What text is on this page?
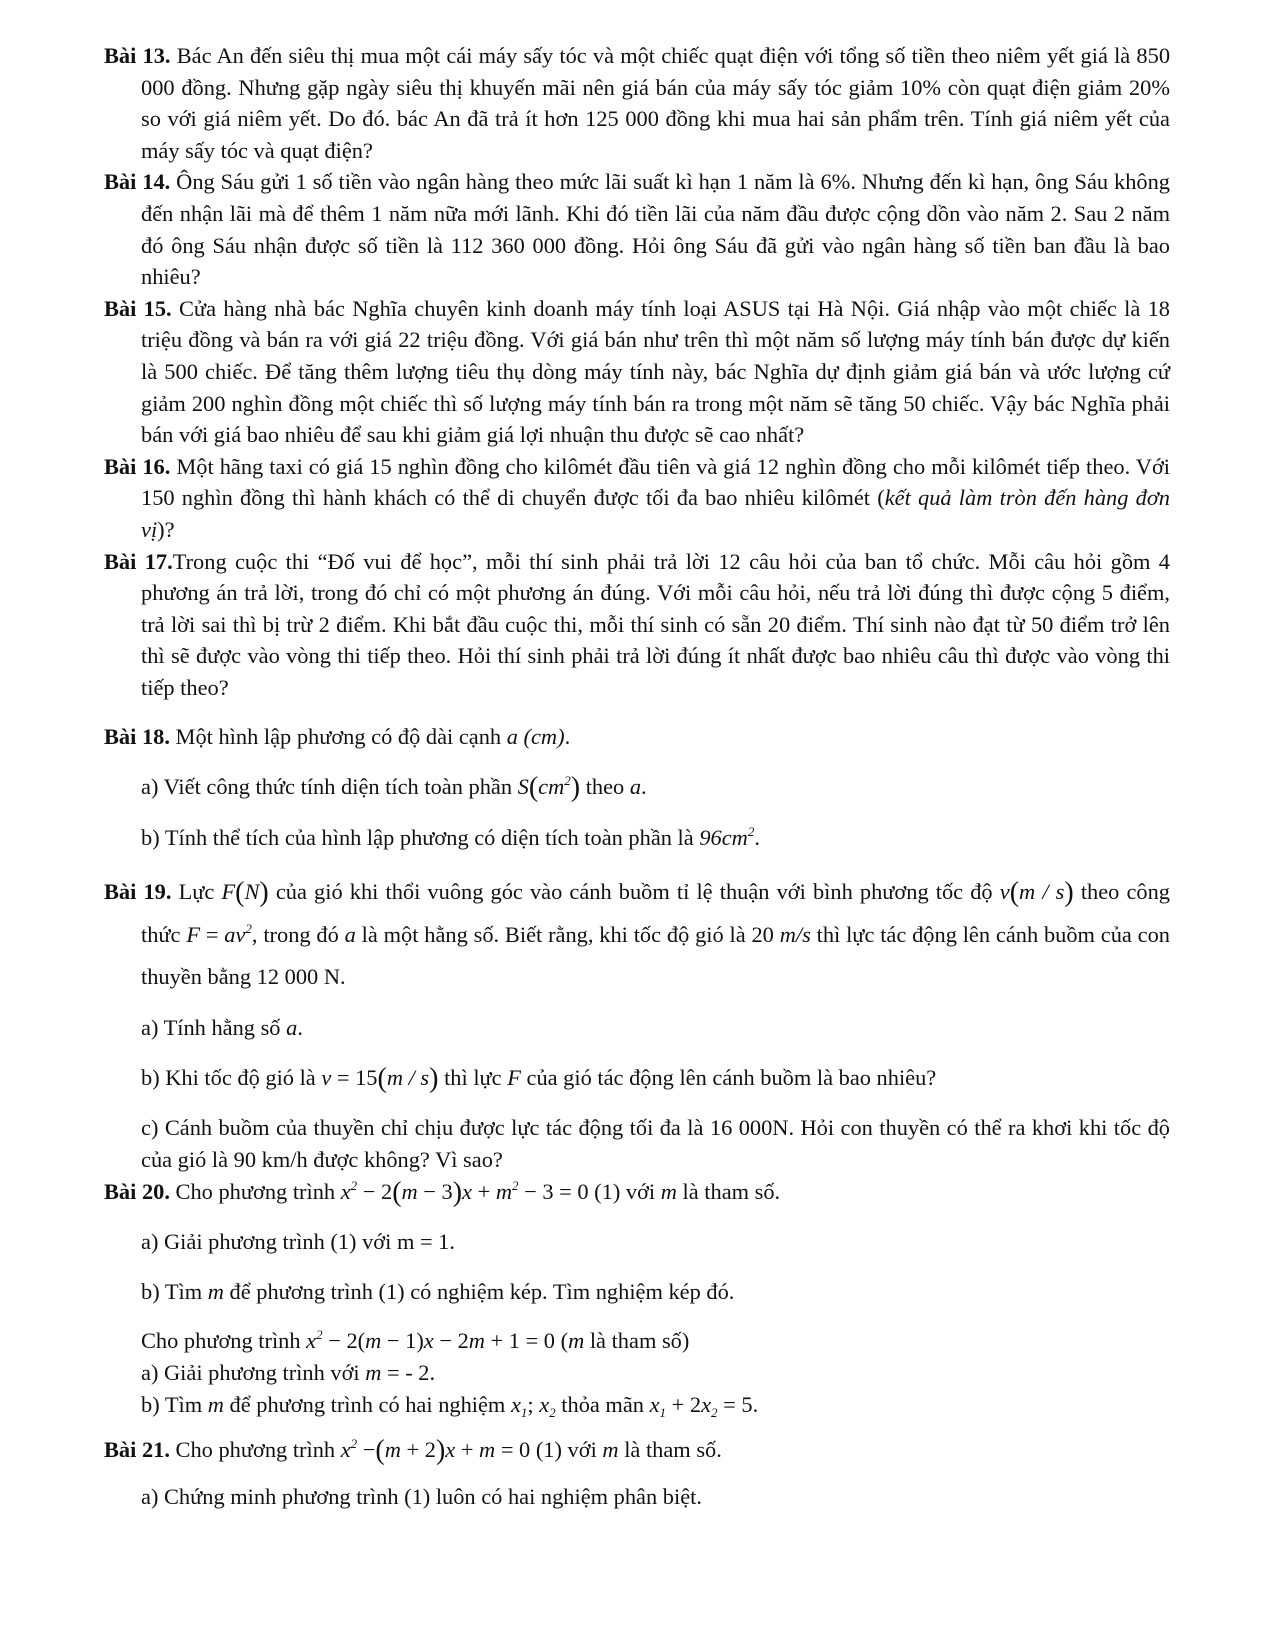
Bài 13. Bác An đến siêu thị mua một cái máy sấy tóc và một chiếc quạt điện với tổng số tiền theo niêm yết giá là 850 000 đồng. Nhưng gặp ngày siêu thị khuyến mãi nên giá bán của máy sấy tóc giảm 10% còn quạt điện giảm 20% so với giá niêm yết. Do đó. bác An đã trả ít hơn 125 000 đồng khi mua hai sản phẩm trên. Tính giá niêm yết của máy sấy tóc và quạt điện?

Bài 14. Ông Sáu gửi 1 số tiền vào ngân hàng theo mức lãi suất kì hạn 1 năm là 6%. Nhưng đến kì hạn, ông Sáu không đến nhận lãi mà để thêm 1 năm nữa mới lãnh. Khi đó tiền lãi của năm đầu được cộng dồn vào năm 2. Sau 2 năm đó ông Sáu nhận được số tiền là 112 360 000 đồng. Hỏi ông Sáu đã gửi vào ngân hàng số tiền ban đầu là bao nhiêu?

Bài 15. Cửa hàng nhà bác Nghĩa chuyên kinh doanh máy tính loại ASUS tại Hà Nội. Giá nhập vào một chiếc là 18 triệu đồng và bán ra với giá 22 triệu đồng. Với giá bán như trên thì một năm số lượng máy tính bán được dự kiến là 500 chiếc. Để tăng thêm lượng tiêu thụ dòng máy tính này, bác Nghĩa dự định giảm giá bán và ước lượng cứ giảm 200 nghìn đồng một chiếc thì số lượng máy tính bán ra trong một năm sẽ tăng 50 chiếc. Vậy bác Nghĩa phải bán với giá bao nhiêu để sau khi giảm giá lợi nhuận thu được sẽ cao nhất?

Bài 16. Một hãng taxi có giá 15 nghìn đồng cho kilômét đầu tiên và giá 12 nghìn đồng cho mỗi kilômét tiếp theo. Với 150 nghìn đồng thì hành khách có thể di chuyển được tối đa bao nhiêu kilômét (kết quả làm tròn đến hàng đơn vị)?

Bài 17.Trong cuộc thi “Đố vui để học”, mỗi thí sinh phải trả lời 12 câu hỏi của ban tổ chức. Mỗi câu hỏi gồm 4 phương án trả lời, trong đó chỉ có một phương án đúng. Với mỗi câu hỏi, nếu trả lời đúng thì được cộng 5 điểm, trả lời sai thì bị trừ 2 điểm. Khi bắt đầu cuộc thi, mỗi thí sinh có sẵn 20 điểm. Thí sinh nào đạt từ 50 điểm trở lên thì sẽ được vào vòng thi tiếp theo. Hỏi thí sinh phải trả lời đúng ít nhất được bao nhiêu câu thì được vào vòng thi tiếp theo?

Bài 18. Một hình lập phương có độ dài cạnh a (cm).

a) Viết công thức tính diện tích toàn phần $S(cm^2)$ theo a.

b) Tính thể tích của hình lập phương có diện tích toàn phần là $96cm^2$.

Bài 19. Lực F(N) của gió khi thổi vuông góc vào cánh buồm tỉ lệ thuận với bình phương tốc độ v(m / s) theo công thức $F = av^2$, trong đó a là một hằng số. Biết rằng, khi tốc độ gió là 20 m/s thì lực tác động lên cánh buồm của con thuyền bằng 12 000 N.

a) Tính hằng số a.

b) Khi tốc độ gió là v = 15(m / s) thì lực F của gió tác động lên cánh buồm là bao nhiêu?

c) Cánh buồm của thuyền chỉ chịu được lực tác động tối đa là 16 000N. Hỏi con thuyền có thể ra khơi khi tốc độ của gió là 90 km/h được không? Vì sao?

Bài 20. Cho phương trình $x^2 - 2(m - 3)x + m^2 - 3 = 0$ (1) với m là tham số.

a) Giải phương trình (1) với m = 1.

b) Tìm m để phương trình (1) có nghiệm kép. Tìm nghiệm kép đó.

Cho phương trình $x^2 - 2(m - 1)x - 2m + 1 = 0$ (m là tham số)

a) Giải phương trình với m = - 2.

b) Tìm m để phương trình có hai nghiệm $x_1$; $x_2$ thỏa mãn $x_1 + 2x_2 = 5$.

Bài 21. Cho phương trình $x^2 -(m + 2)x + m = 0$ (1) với m là tham số.

a) Chứng minh phương trình (1) luôn có hai nghiệm phân biệt.
